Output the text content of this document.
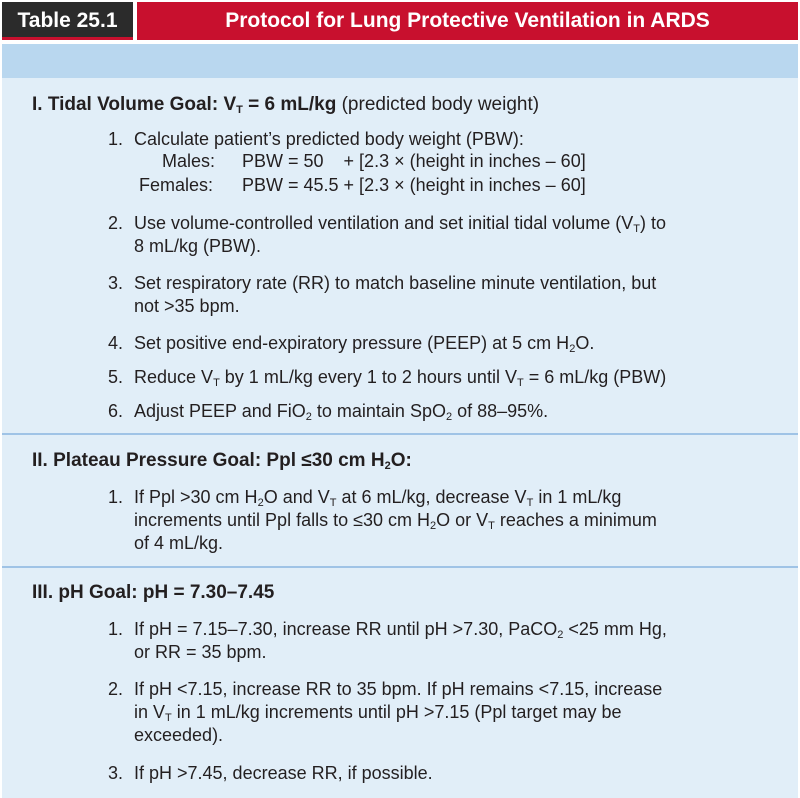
Table 25.1	Protocol for Lung Protective Ventilation in ARDS
I. Tidal Volume Goal: $V_T = 6$ mL/kg (predicted body weight)
1. Calculate patient’s predicted body weight (PBW):
Males: PBW = 50    + [2.3 × (height in inches – 60]
Females: PBW = 45.5 + [2.3 × (height in inches – 60]
2. Use volume-controlled ventilation and set initial tidal volume $(V_T)$ to
8 mL/kg (PBW).
3. Set respiratory rate (RR) to match baseline minute ventilation, but
not >35 bpm.
4. Set positive end-expiratory pressure (PEEP) at 5 cm $H_2O$.
5. Reduce $V_T$ by 1 mL/kg every 1 to 2 hours until $V_T = 6$ mL/kg (PBW)
6. Adjust PEEP and FiO$_2$ to maintain SpO$_2$ of 88–95%.
II. Plateau Pressure Goal: Ppl ≤30 cm $H_2O$:
1. If Ppl >30 cm $H_2O$ and $V_T$ at 6 mL/kg, decrease $V_T$ in 1 mL/kg
increments until Ppl falls to ≤30 cm $H_2O$ or $V_T$ reaches a minimum
of 4 mL/kg.
III. pH Goal: pH = 7.30–7.45
1. If pH = 7.15–7.30, increase RR until pH >7.30, PaCO$_2$ <25 mm Hg,
or RR = 35 bpm.
2. If pH <7.15, increase RR to 35 bpm. If pH remains <7.15, increase
in $V_T$ in 1 mL/kg increments until pH >7.15 (Ppl target may be
exceeded).
3. If pH >7.45, decrease RR, if possible.
